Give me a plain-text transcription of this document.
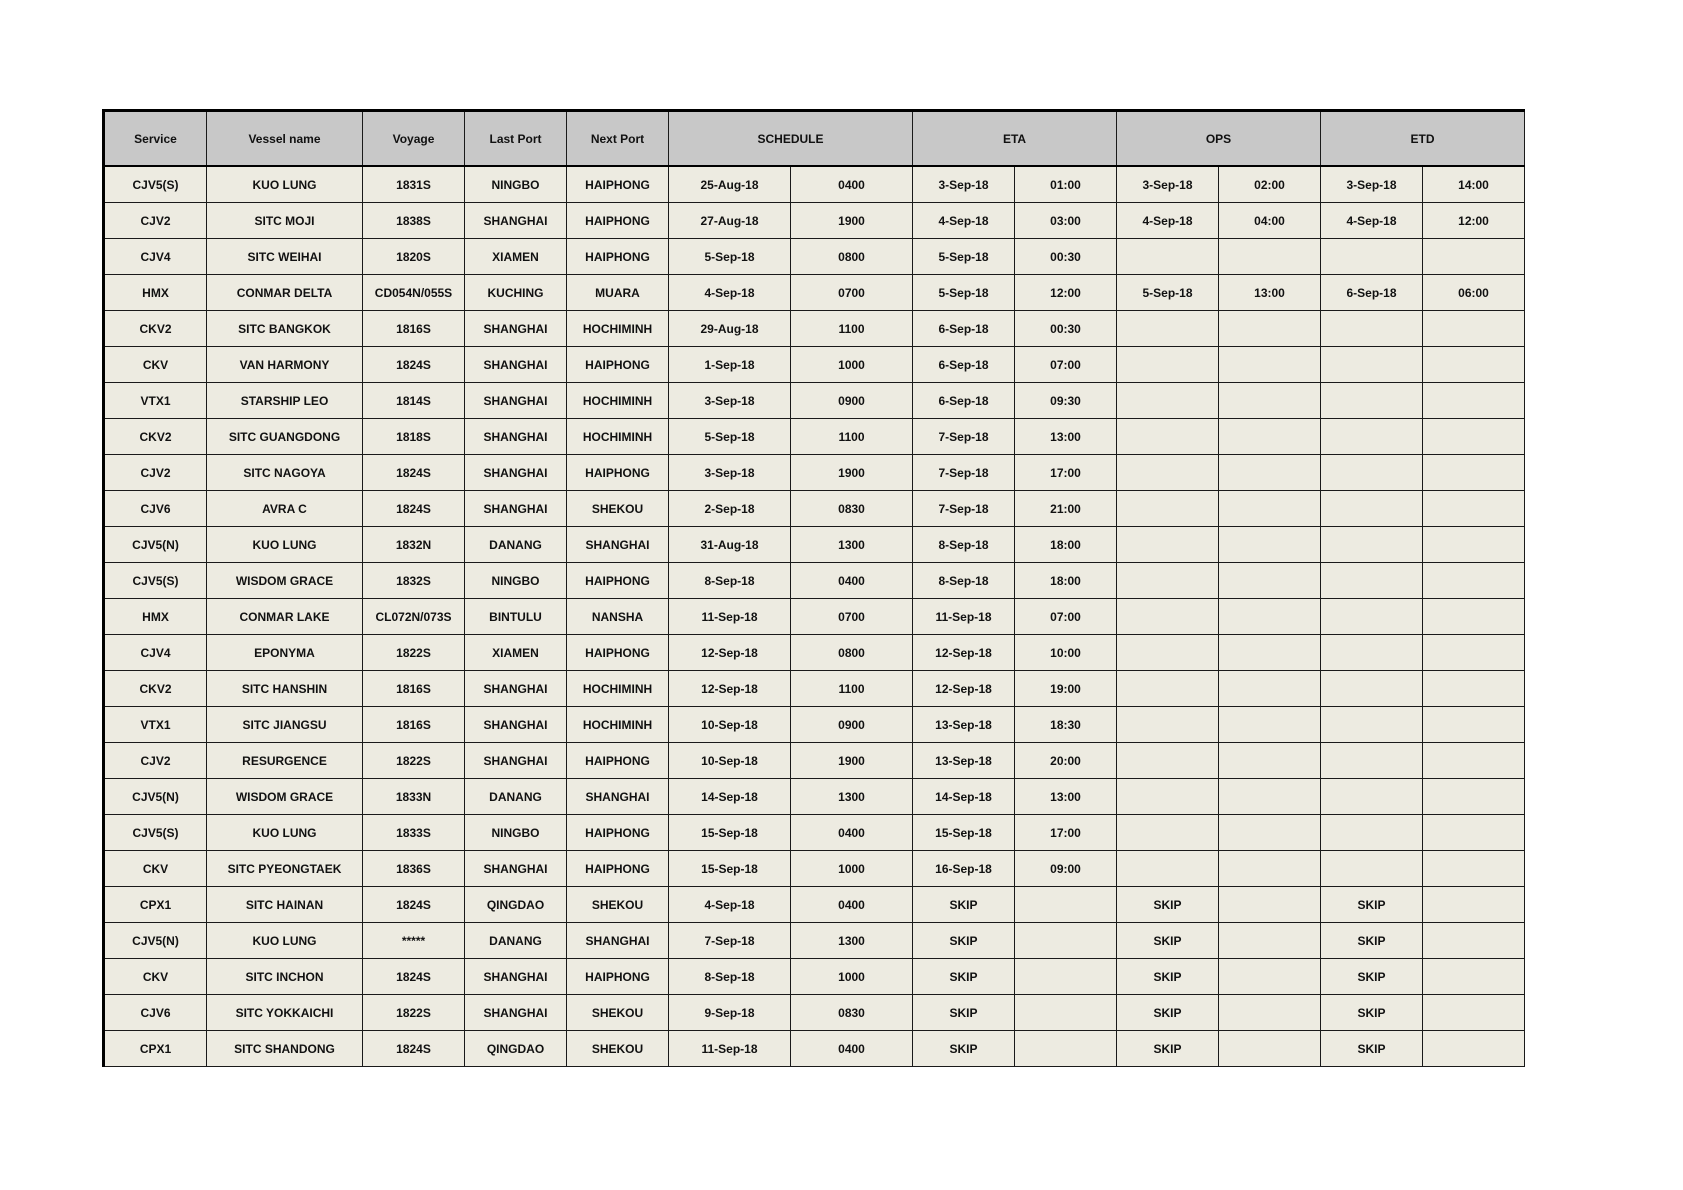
Service	Vessel name	Voyage	Last Port	Next Port	SCHEDULE		ETA		OPS		ETD	
CJV5(S)	KUO LUNG	1831S	NINGBO	HAIPHONG	25-Aug-18	0400	3-Sep-18	01:00	3-Sep-18	02:00	3-Sep-18	14:00
CJV2	SITC MOJI	1838S	SHANGHAI	HAIPHONG	27-Aug-18	1900	4-Sep-18	03:00	4-Sep-18	04:00	4-Sep-18	12:00
CJV4	SITC WEIHAI	1820S	XIAMEN	HAIPHONG	5-Sep-18	0800	5-Sep-18	00:30				
HMX	CONMAR DELTA	CD054N/055S	KUCHING	MUARA	4-Sep-18	0700	5-Sep-18	12:00	5-Sep-18	13:00	6-Sep-18	06:00
CKV2	SITC BANGKOK	1816S	SHANGHAI	HOCHIMINH	29-Aug-18	1100	6-Sep-18	00:30				
CKV	VAN HARMONY	1824S	SHANGHAI	HAIPHONG	1-Sep-18	1000	6-Sep-18	07:00				
VTX1	STARSHIP LEO	1814S	SHANGHAI	HOCHIMINH	3-Sep-18	0900	6-Sep-18	09:30				
CKV2	SITC GUANGDONG	1818S	SHANGHAI	HOCHIMINH	5-Sep-18	1100	7-Sep-18	13:00				
CJV2	SITC NAGOYA	1824S	SHANGHAI	HAIPHONG	3-Sep-18	1900	7-Sep-18	17:00				
CJV6	AVRA C	1824S	SHANGHAI	SHEKOU	2-Sep-18	0830	7-Sep-18	21:00				
CJV5(N)	KUO LUNG	1832N	DANANG	SHANGHAI	31-Aug-18	1300	8-Sep-18	18:00				
CJV5(S)	WISDOM GRACE	1832S	NINGBO	HAIPHONG	8-Sep-18	0400	8-Sep-18	18:00				
HMX	CONMAR LAKE	CL072N/073S	BINTULU	NANSHA	11-Sep-18	0700	11-Sep-18	07:00				
CJV4	EPONYMA	1822S	XIAMEN	HAIPHONG	12-Sep-18	0800	12-Sep-18	10:00				
CKV2	SITC HANSHIN	1816S	SHANGHAI	HOCHIMINH	12-Sep-18	1100	12-Sep-18	19:00				
VTX1	SITC JIANGSU	1816S	SHANGHAI	HOCHIMINH	10-Sep-18	0900	13-Sep-18	18:30				
CJV2	RESURGENCE	1822S	SHANGHAI	HAIPHONG	10-Sep-18	1900	13-Sep-18	20:00				
CJV5(N)	WISDOM GRACE	1833N	DANANG	SHANGHAI	14-Sep-18	1300	14-Sep-18	13:00				
CJV5(S)	KUO LUNG	1833S	NINGBO	HAIPHONG	15-Sep-18	0400	15-Sep-18	17:00				
CKV	SITC PYEONGTAEK	1836S	SHANGHAI	HAIPHONG	15-Sep-18	1000	16-Sep-18	09:00				
CPX1	SITC HAINAN	1824S	QINGDAO	SHEKOU	4-Sep-18	0400	SKIP		SKIP		SKIP	
CJV5(N)	KUO LUNG	*****	DANANG	SHANGHAI	7-Sep-18	1300	SKIP		SKIP		SKIP	
CKV	SITC INCHON	1824S	SHANGHAI	HAIPHONG	8-Sep-18	1000	SKIP		SKIP		SKIP	
CJV6	SITC YOKKAICHI	1822S	SHANGHAI	SHEKOU	9-Sep-18	0830	SKIP		SKIP		SKIP	
CPX1	SITC SHANDONG	1824S	QINGDAO	SHEKOU	11-Sep-18	0400	SKIP		SKIP		SKIP	
